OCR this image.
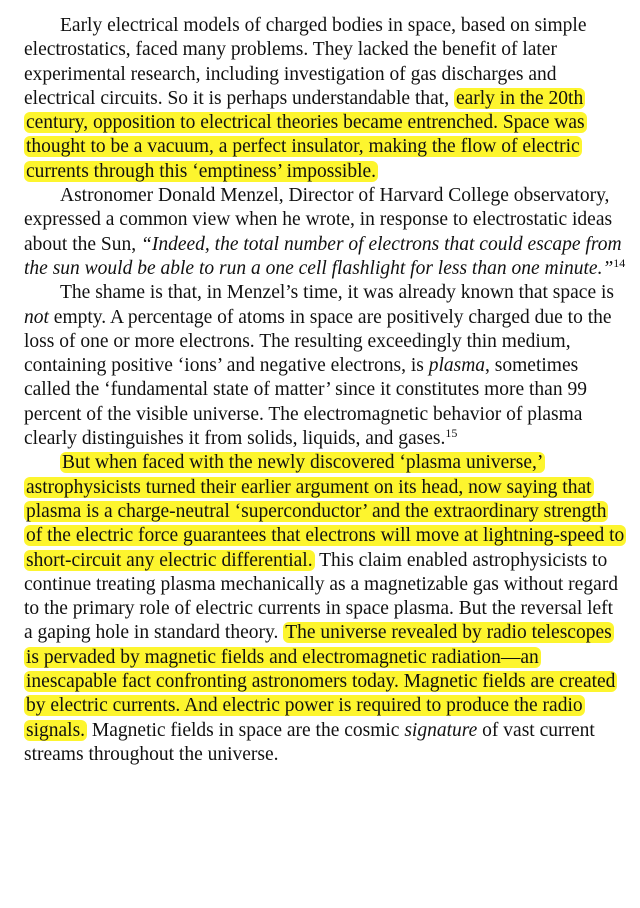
Early electrical models of charged bodies in space, based on simple electrostatics, faced many problems. They lacked the benefit of later experimental research, including investigation of gas discharges and electrical circuits. So it is perhaps understandable that, early in the 20th century, opposition to electrical theories became entrenched. Space was thought to be a vacuum, a perfect insulator, making the flow of electric currents through this ‘emptiness’ impossible.

Astronomer Donald Menzel, Director of Harvard College observatory, expressed a common view when he wrote, in response to electrostatic ideas about the Sun, “Indeed, the total number of electrons that could escape from the sun would be able to run a one cell flashlight for less than one minute.”$^{14}$

The shame is that, in Menzel’s time, it was already known that space is not empty. A percentage of atoms in space are positively charged due to the loss of one or more electrons. The resulting exceedingly thin medium, containing positive ‘ions’ and negative electrons, is plasma, sometimes called the ‘fundamental state of matter’ since it constitutes more than 99 percent of the visible universe. The electromagnetic behavior of plasma clearly distinguishes it from solids, liquids, and gases.$^{15}$

But when faced with the newly discovered ‘plasma universe,’ astrophysicists turned their earlier argument on its head, now saying that plasma is a charge-neutral ‘superconductor’ and the extraordinary strength of the electric force guarantees that electrons will move at lightning-speed to short-circuit any electric differential. This claim enabled astrophysicists to continue treating plasma mechanically as a magnetizable gas without regard to the primary role of electric currents in space plasma. But the reversal left a gaping hole in standard theory. The universe revealed by radio telescopes is pervaded by magnetic fields and electromagnetic radiation—an inescapable fact confronting astronomers today. Magnetic fields are created by electric currents. And electric power is required to produce the radio signals. Magnetic fields in space are the cosmic signature of vast current streams throughout the universe.
